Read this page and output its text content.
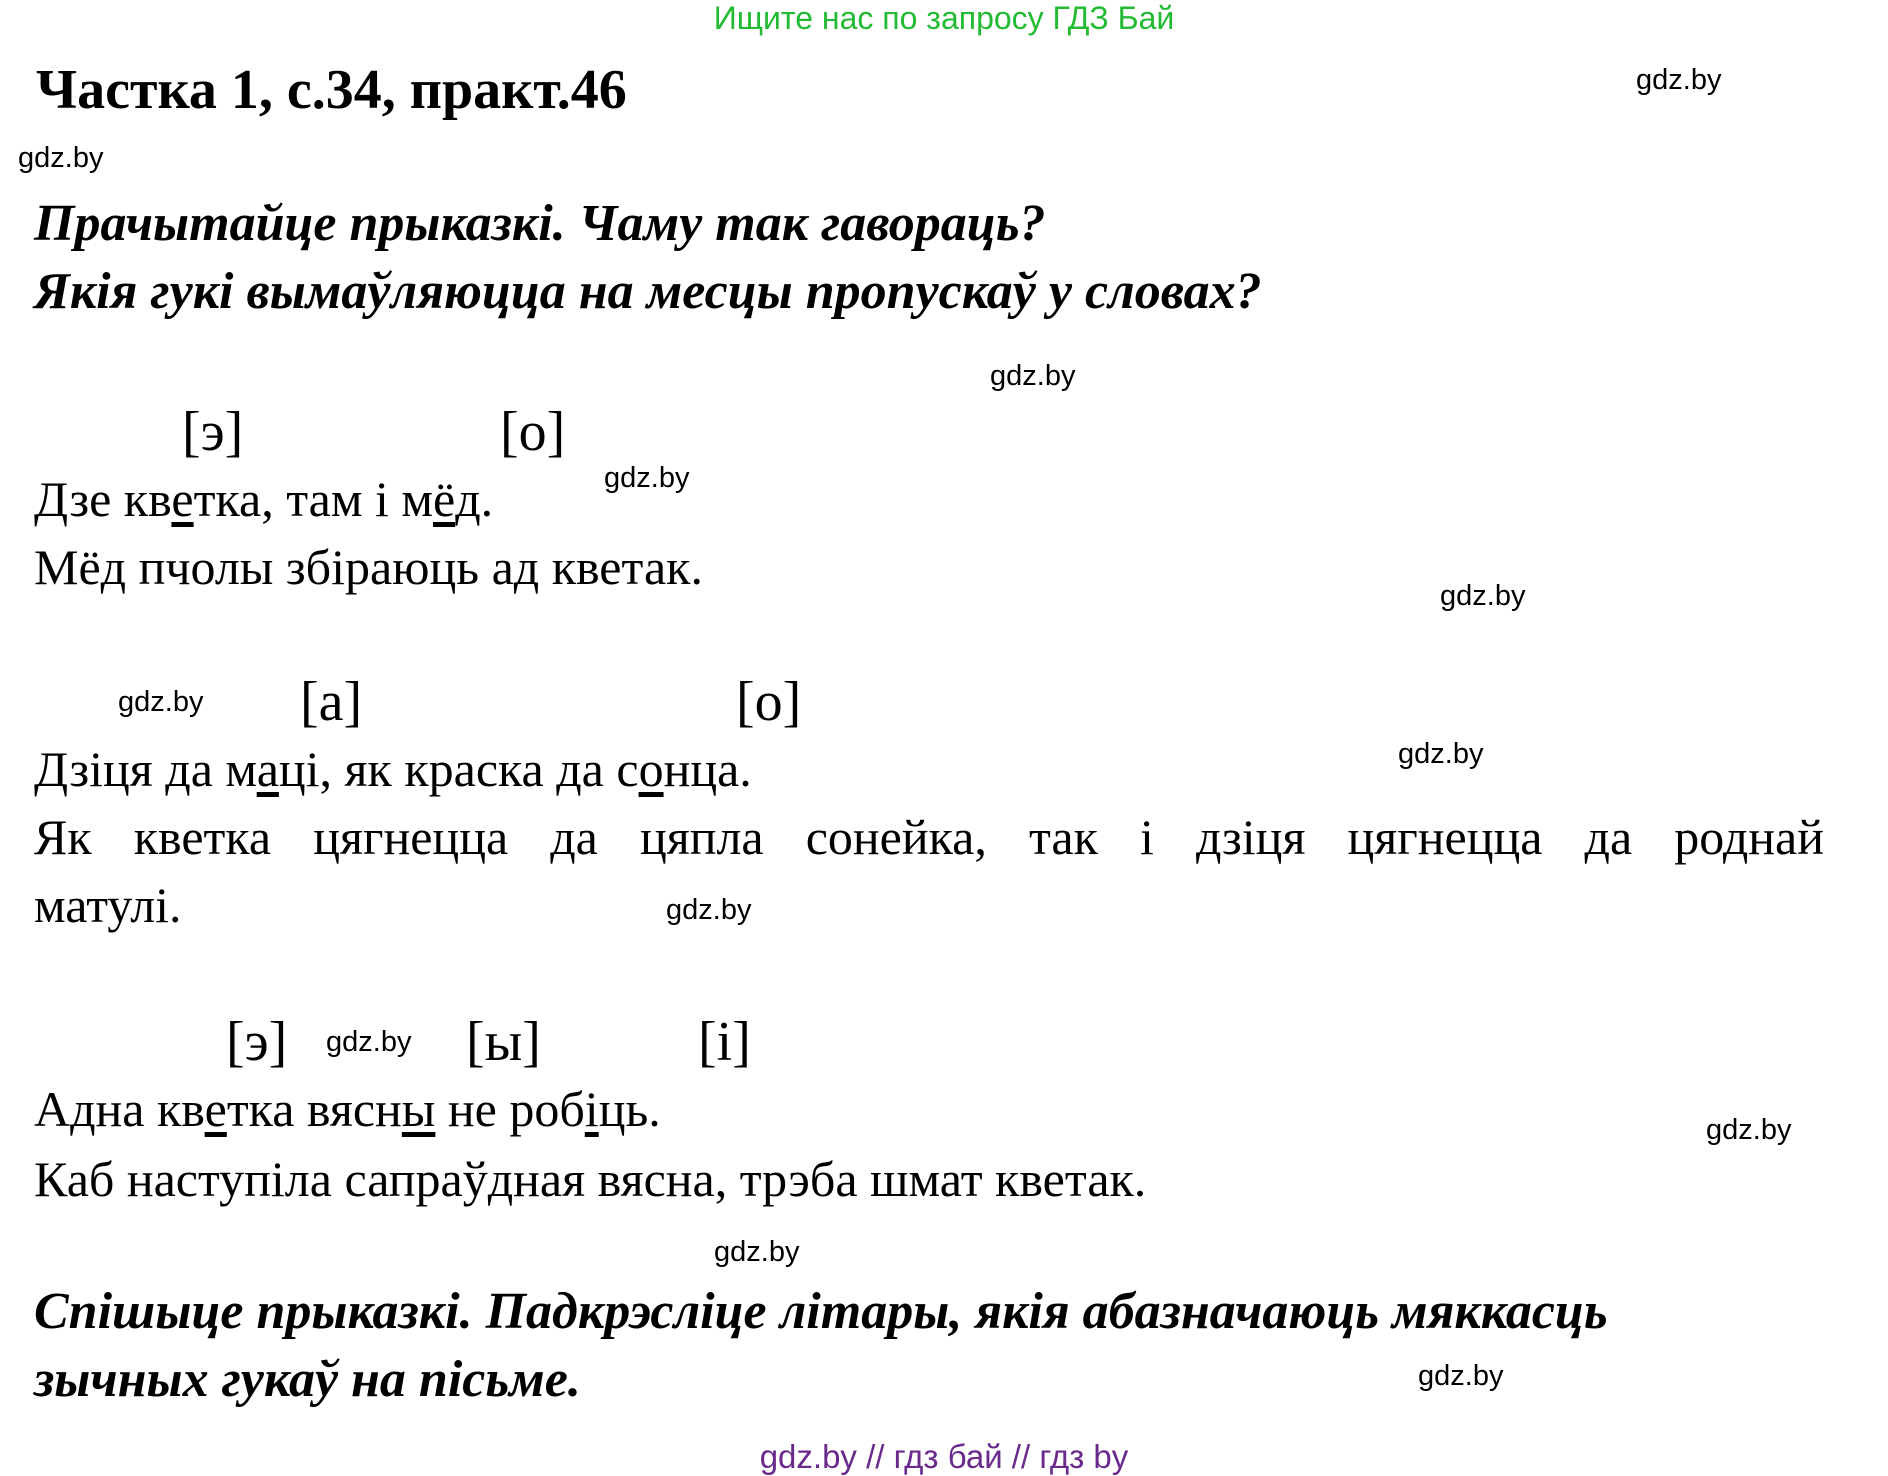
Ищите нас по запросу ГДЗ Бай
Частка 1, с.34, практ.46	gdz.by
gdz.by
gdz.by
gdz.by
gdz.by
gdz.by
gdz.by
gdz.by
gdz.by
gdz.by
gdz.by
gdz.by
Прачытайце прыказкі. Чаму так гавораць?
Якія гукі вымаўляюцца на месцы пропускаў у словах?
[э]	[о]
Дзе кветка, там і мёд.
Мёд пчолы збіраюць ад кветак.
[а]	[о]
Дзіця да маці, як краска да сонца.
Як кветка цягнецца да цяпла сонейка, так і дзіця цягнецца да роднай
матулі.
[э]	[ы]	[і]
Адна кветка вясны не робіць.
Каб наступіла сапраўдная вясна, трэба шмат кветак.
Спішыце прыказкі. Падкрэсліце літары, якія абазначаюць мяккасць
зычных гукаў на пісьме.
gdz.by // гдз бай // гдз by
